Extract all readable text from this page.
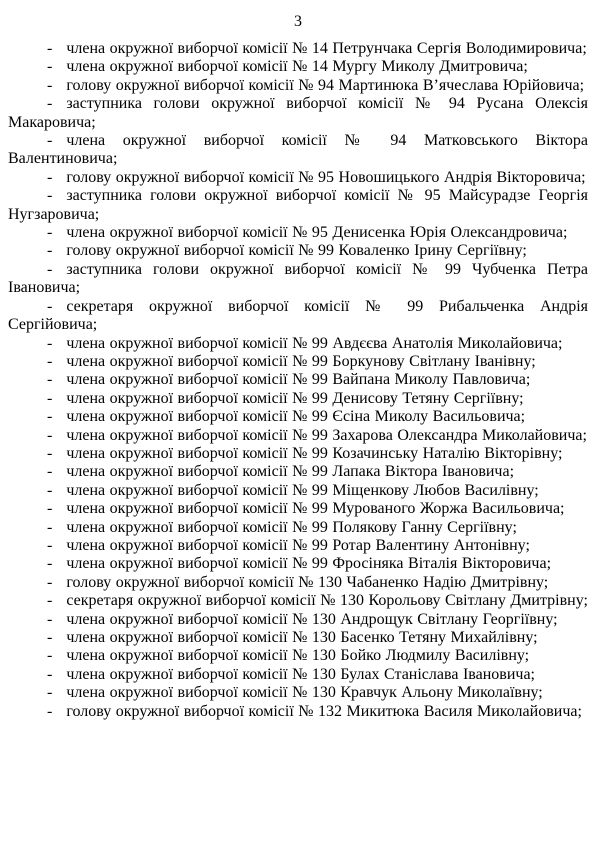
3

- члена окружної виборчої комісії № 14 Петрунчака Сергія Володимировича;

- члена окружної виборчої комісії № 14 Мургу Миколу Дмитровича;

- голову окружної виборчої комісії № 94 Мартинюка В’ячеслава Юрійовича;

- заступника голови окружної виборчої комісії № 94 Русана Олексія Макаровича;

- члена окружної виборчої комісії № 94 Матковського Віктора Валентиновича;

- голову окружної виборчої комісії № 95 Новошицького Андрія Вікторовича;

- заступника голови окружної виборчої комісії № 95 Майсурадзе Георгія Нугзаровича;

- члена окружної виборчої комісії № 95 Денисенка Юрія Олександровича;

- голову окружної виборчої комісії № 99 Коваленко Ірину Сергіївну;

- заступника голови окружної виборчої комісії № 99 Чубченка Петра Івановича;

- секретаря окружної виборчої комісії № 99 Рибальченка Андрія Сергійовича;

- члена окружної виборчої комісії № 99 Авдєєва Анатолія Миколайовича;

- члена окружної виборчої комісії № 99 Боркунову Світлану Іванівну;

- члена окружної виборчої комісії № 99 Вайпана Миколу Павловича;

- члена окружної виборчої комісії № 99 Денисову Тетяну Сергіївну;

- члена окружної виборчої комісії № 99 Єсіна Миколу Васильовича;

- члена окружної виборчої комісії № 99 Захарова Олександра Миколайовича;

- члена окружної виборчої комісії № 99 Козачинську Наталію Вікторівну;

- члена окружної виборчої комісії № 99 Лапака Віктора Івановича;

- члена окружної виборчої комісії № 99 Міщенкову Любов Василівну;

- члена окружної виборчої комісії № 99 Мурованого Жоржа Васильовича;

- члена окружної виборчої комісії № 99 Полякову Ганну Сергіївну;

- члена окружної виборчої комісії № 99 Ротар Валентину Антонівну;

- члена окружної виборчої комісії № 99 Фросіняка Віталія Вікторовича;

- голову окружної виборчої комісії № 130 Чабаненко Надію Дмитрівну;

- секретаря окружної виборчої комісії № 130 Корольову Світлану Дмитрівну;

- члена окружної виборчої комісії № 130 Андрощук Світлану Георгіївну;

- члена окружної виборчої комісії № 130 Басенко Тетяну Михайлівну;

- члена окружної виборчої комісії № 130 Бойко Людмилу Василівну;

- члена окружної виборчої комісії № 130 Булах Станіслава Івановича;

- члена окружної виборчої комісії № 130 Кравчук Альону Миколаївну;

- голову окружної виборчої комісії № 132 Микитюка Василя Миколайовича;
